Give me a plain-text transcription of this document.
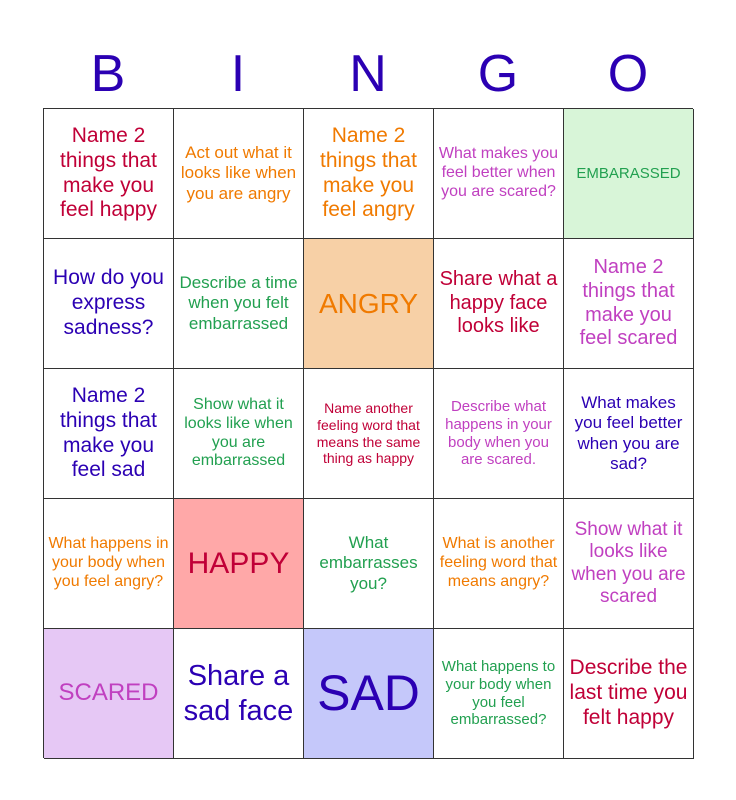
B	I	N	G	O
Name 2 things that make you feel happy
Act out what it looks like when you are angry
Name 2 things that make you feel angry
What makes you feel better when you are scared?
EMBARASSED
How do you express sadness?
Describe a time when you felt embarrassed
ANGRY
Share what a happy face looks like
Name 2 things that make you feel scared
Name 2 things that make you feel sad
Show what it looks like when you are embarrassed
Name another feeling word that means the same thing as happy
Describe what happens in your body when you are scared.
What makes you feel better when you are sad?
What happens in your body when you feel angry?
HAPPY
What embarrasses you?
What is another feeling word that means angry?
Show what it looks like when you are scared
SCARED
Share a sad face SAD What happens to your body when you feel embarrassed?
Describe the last time you felt happy
